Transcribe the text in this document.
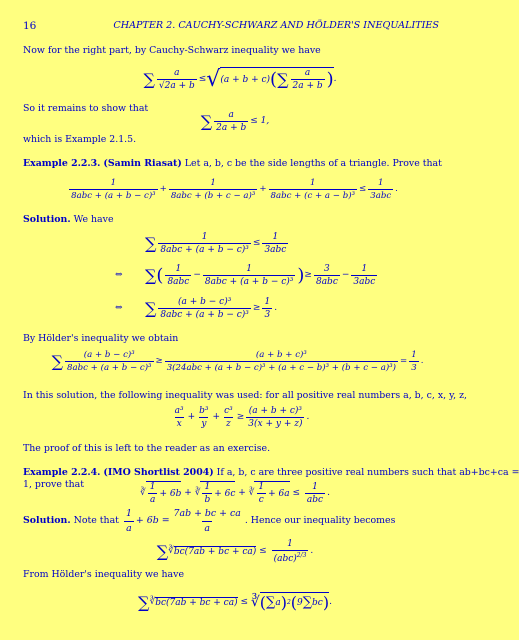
16	CHAPTER 2. CAUCHY-SCHWARZ AND HÖLDER'S INEQUALITIES
Now for the right part, by Cauchy-Schwarz inequality we have
∑ $\frac{a}{√2a + b}$ ≤ √ (a + b + c) ( ∑ $\frac{a}{2a + b}$ ) .
So it remains to show that
∑ $\frac{a}{2a + b} \le 1$,
which is Example 2.1.5.
Example 2.2.3. (Samin Riasat) Let a, b, c be the side lengths of a triangle. Prove that
$\frac{1}{\text{8abc + (a + b − c)³}} + \frac{1}{\text{8abc + (b + c − a)³}} + \frac{1}{\text{8abc + (c + a − b)³}} \le \frac{1}{\text{3abc}}$ .
Solution. We have
∑ $\frac{1}{\text{8abc + (a + b − c)³}} \le \frac{1}{\text{3abc}}$
⇔	∑ ( $\frac{1}{\text{8abc}} - \frac{1}{\text{8abc + (a + b − c)³}}$ ) ≥ $\frac{3}{\text{8abc}} - \frac{1}{\text{3abc}}$
⇔	∑ $\frac{\text{(a + b − c)³}}{\text{8abc + (a + b − c)³}} \ge \frac{1}{3}$ .
By Hölder's inequality we obtain
∑ $\frac{\text{(a + b − c)³}}{\text{8abc + (a + b − c)³}} \ge \frac{\text{(a + b + c)³}}{\text{3(24abc + (a + b − c)³ + (a + c − b)³ + (b + c − a)³)}} = \frac{1}{3}$ .
In this solution, the following inequality was used: for all positive real numbers a, b, c, x, y, z,
$\frac{\text{a³}}{x} + \frac{\text{b³}}{y} + \frac{\text{c³}}{z} \ge \frac{\text{(a + b + c)³}}{3(x + y + z)}$ .
The proof of this is left to the reader as an exercise.
Example 2.2.4. (IMO Shortlist 2004) If a, b, c are three positive real numbers such that ab+bc+ca =
1, prove that
∛ $\frac{1}{a} + 6b$ + ∛ $\frac{1}{b} + 6c$ + ∛ $\frac{1}{c} + 6a \le \frac{1}{\text{abc}}$ .
Solution.
Note that $\frac{1}{a} + 6b = \frac{7ab + bc + ca}{a}$ . Hence our inequality becomes
∑ ∛ bc(7ab + bc + $ca) \le \frac{1}{(abc)^{2/3}}$ .
From Hölder's inequality we have
∑ ∛ bc(7ab + bc + ca) ≤ ∛ ( ∑ a ) 2 ( 9 ∑ bc ) .
